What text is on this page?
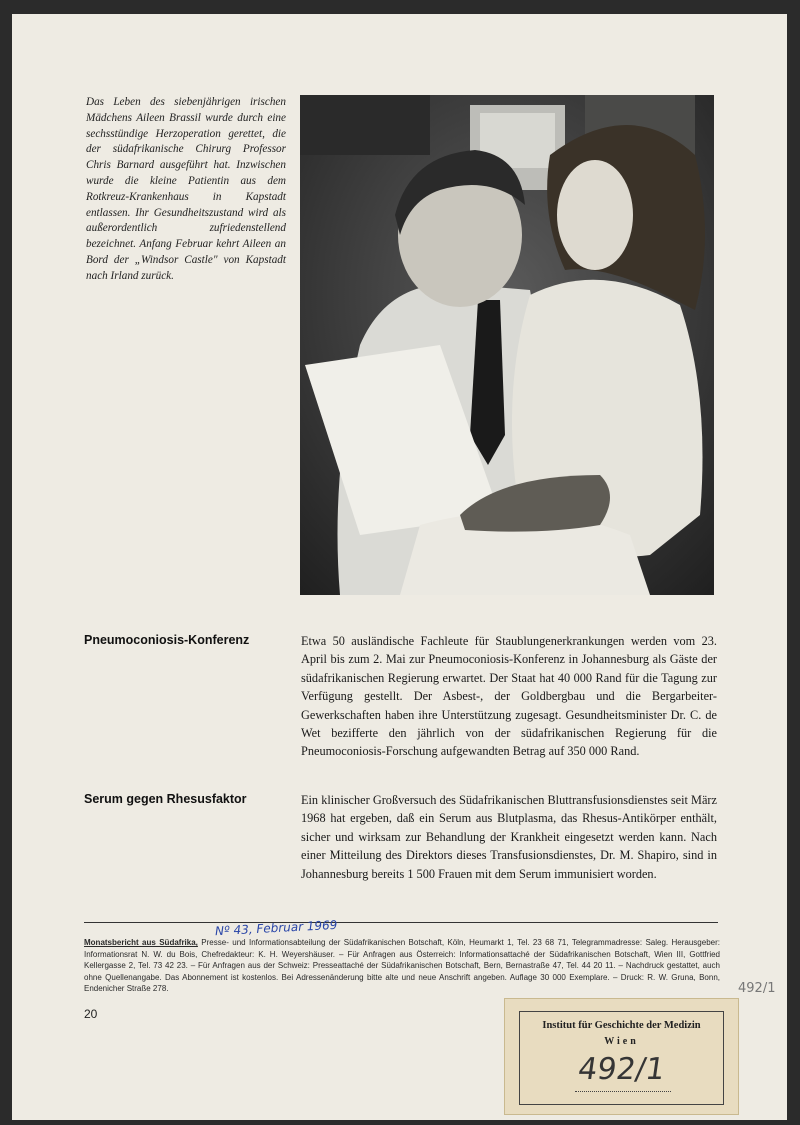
Das Leben des siebenjährigen irischen Mädchens Aileen Brassil wurde durch eine sechsstündige Herzoperation gerettet, die der südafrikanische Chirurg Professor Chris Barnard ausgeführt hat. Inzwischen wurde die kleine Patientin aus dem Rotkreuz-Krankenhaus in Kapstadt entlassen. Ihr Gesundheitszustand wird als außerordentlich zufriedenstellend bezeichnet. Anfang Februar kehrt Aileen an Bord der „Windsor Castle" von Kapstadt nach Irland zurück.
Pneumoconiosis-Konferenz	Etwa 50 ausländische Fachleute für Staublungenerkrankungen werden vom 23. April bis zum 2. Mai zur Pneumoconiosis-Konferenz in Johannesburg als Gäste der südafrikanischen Regierung erwartet. Der Staat hat 40 000 Rand für die Tagung zur Verfügung gestellt. Der Asbest-, der Goldbergbau und die Bergarbeiter-Gewerkschaften haben ihre Unterstützung zugesagt. Gesundheitsminister Dr. C. de Wet bezifferte den jährlich von der südafrikanischen Regierung für die Pneumoconiosis-Forschung aufgewandten Betrag auf 350 000 Rand.
Serum gegen Rhesusfaktor	Ein klinischer Großversuch des Südafrikanischen Bluttransfusionsdienstes seit März 1968 hat ergeben, daß ein Serum aus Blutplasma, das Rhesus-Antikörper enthält, sicher und wirksam zur Behandlung der Krankheit eingesetzt werden kann. Nach einer Mitteilung des Direktors dieses Transfusionsdienstes, Dr. M. Shapiro, sind in Johannesburg bereits 1 500 Frauen mit dem Serum immunisiert worden.
Nº 43, Februar 1969
Monatsbericht aus Südafrika, Presse- und Informationsabteilung der Südafrikanischen Botschaft, Köln, Heumarkt 1, Tel. 23 68 71, Telegrammadresse: Saleg. Herausgeber: Informationsrat N. W. du Bois, Chefredakteur: K. H. Weyershäuser. – Für Anfragen aus Österreich: Informationsattaché der Südafrikanischen Botschaft, Wien III, Gottfried Kellergasse 2, Tel. 73 42 23. – Für Anfragen aus der Schweiz: Presseattaché der Südafrikanischen Botschaft, Bern, Bernastraße 47, Tel. 44 20 11. – Nachdruck gestattet, auch ohne Quellenangabe. Das Abonnement ist kostenlos. Bei Adressenänderung bitte alte und neue Anschrift angeben. Auflage 30 000 Exemplare. – Druck: R. W. Gruna, Bonn, Endenicher Straße 278.
20
492/1
Institut für Geschichte der Medizin
Wien
492/1
